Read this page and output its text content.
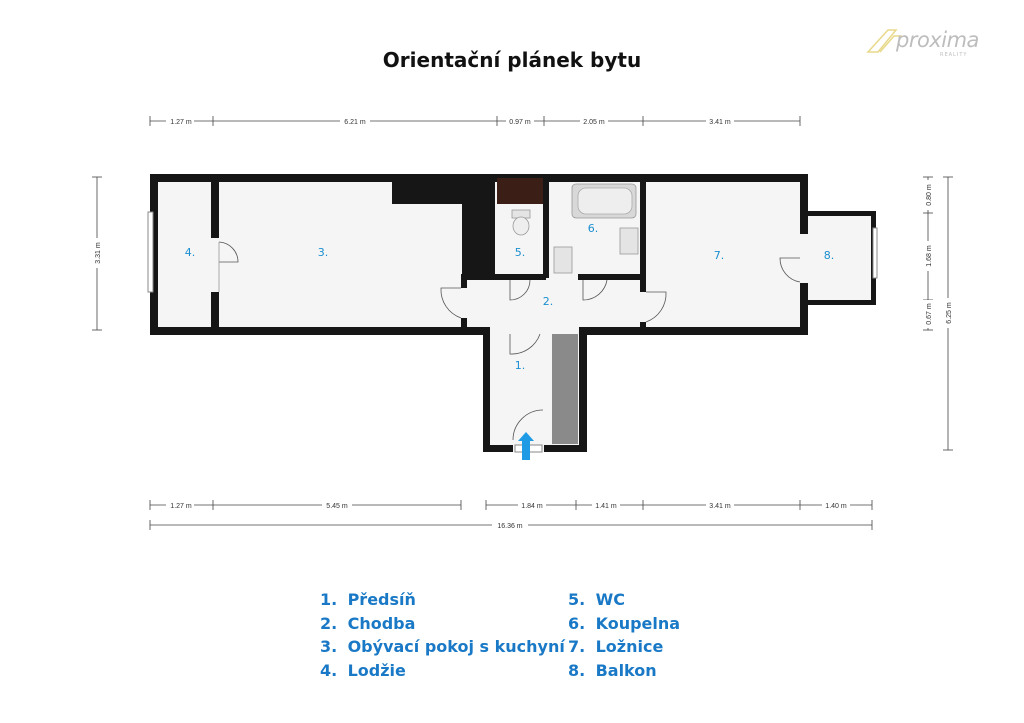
Orientační plánek bytu
proxima
REALITY
1.27 m	6.21 m	0.97 m	2.05 m	3.41 m
1.27 m	5.45 m	1.84 m	1.41 m	3.41 m	1.40 m
16.36 m
3.31 m
0.80 m
1.68 m
0.67 m 6.25 m
1.
2.
3.
4.	5.
6.
7.	8.
1. Předsíň
2. Chodba
3. Obývací pokoj s kuchyní
4. Lodžie
5. WC
6. Koupelna
7. Ložnice
8. Balkon
